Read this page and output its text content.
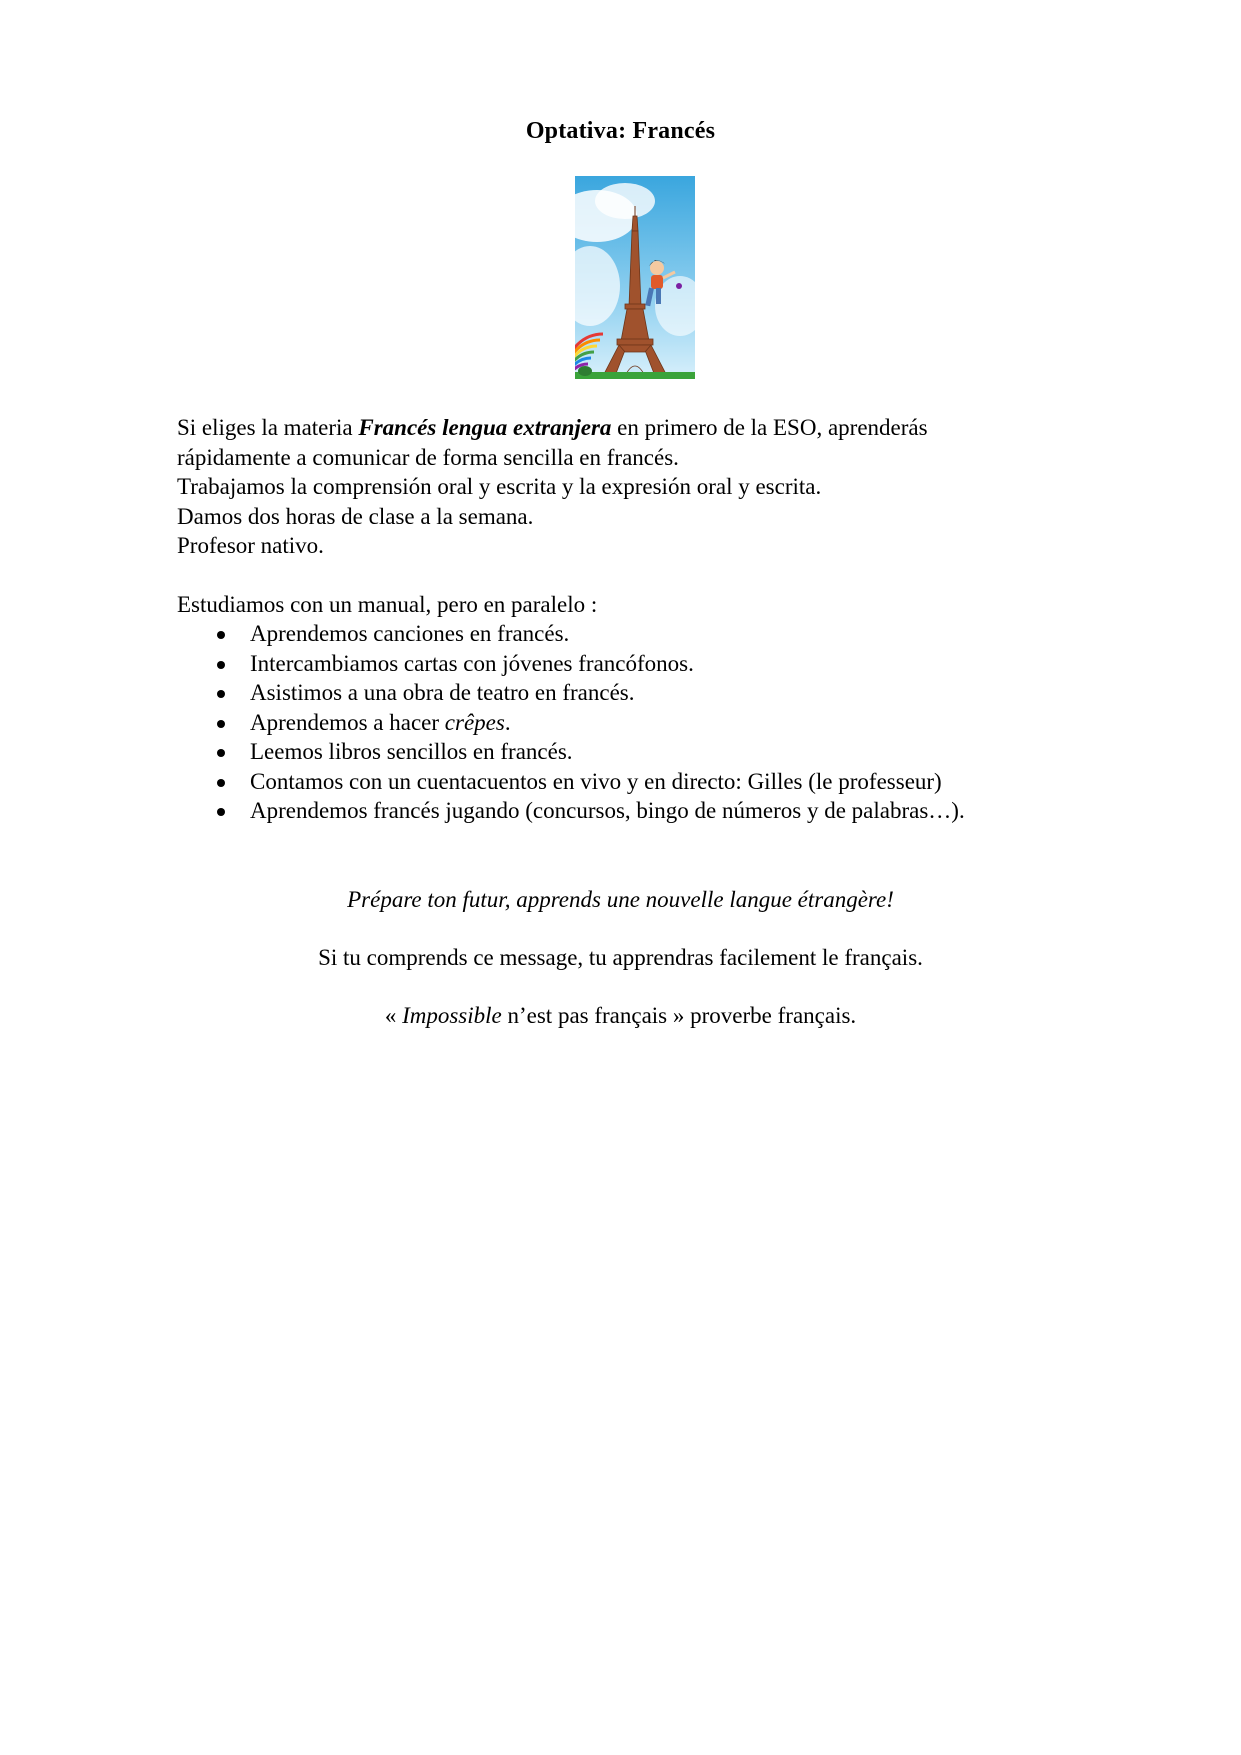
Optativa: Francés

Si eliges la materia Francés lengua extranjera en primero de la ESO, aprenderás

rápidamente a comunicar de forma sencilla en francés.

Trabajamos la comprensión oral y escrita y la expresión oral y escrita.

Damos dos horas de clase a la semana.

Profesor nativo.

Estudiamos con un manual, pero en paralelo :

Aprendemos canciones en francés.
Intercambiamos cartas con jóvenes francófonos.
Asistimos a una obra de teatro en francés.
Aprendemos a hacer crêpes.
Leemos libros sencillos en francés.
Contamos con un cuentacuentos en vivo y en directo: Gilles (le professeur)
Aprendemos francés jugando (concursos, bingo de números y de palabras…).
Prépare ton futur, apprends une nouvelle langue étrangère!
Si tu comprends ce message, tu apprendras facilement le français.
« Impossible n’est pas français » proverbe français.
